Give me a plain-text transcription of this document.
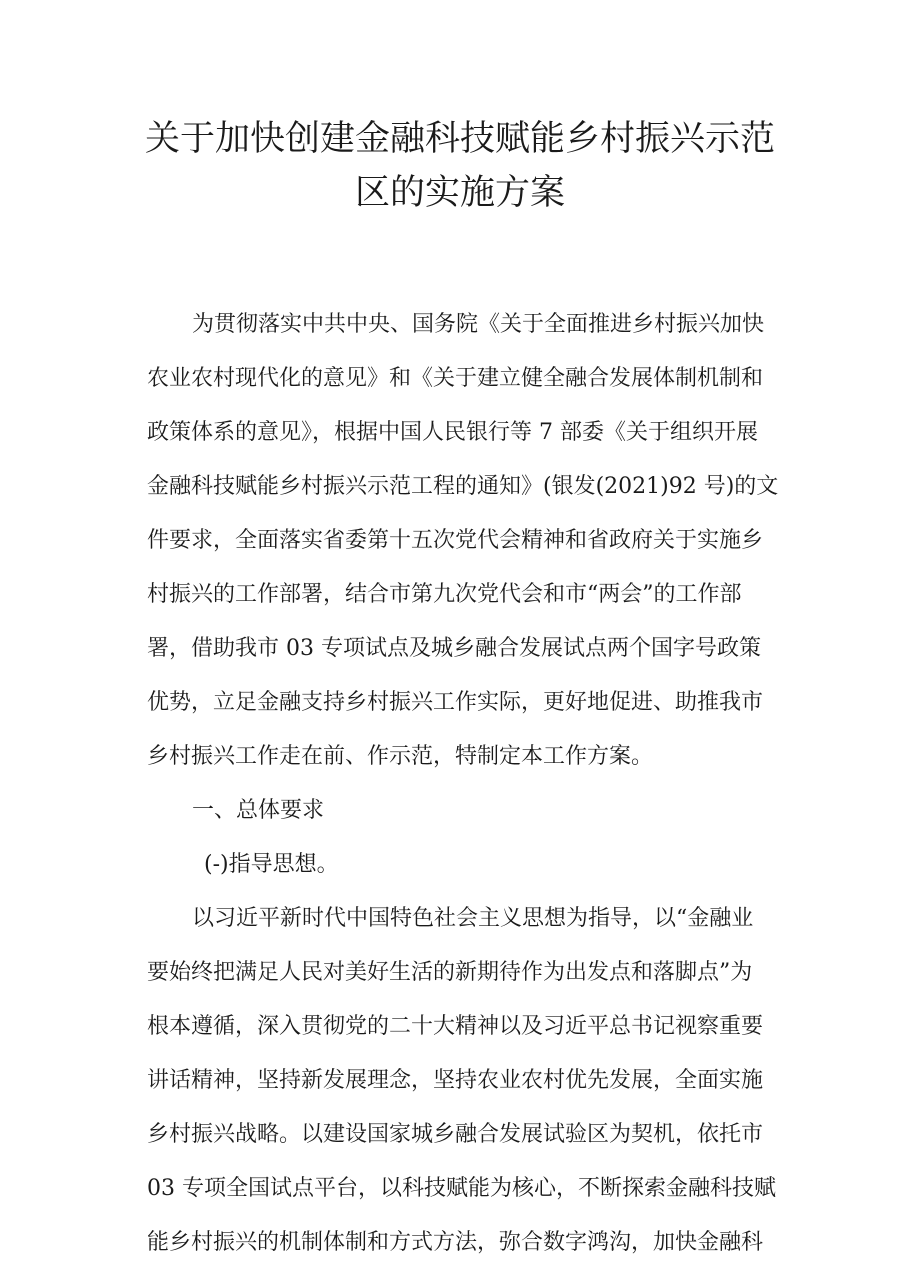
关于加快创建金融科技赋能乡村振兴示范
区的实施方案
为贯彻落实中共中央、国务院《关于全面推进乡村振兴加快
农业农村现代化的意见》和《关于建立健全融合发展体制机制和
政策体系的意见》，根据中国人民银行等 7 部委《关于组织开展
金融科技赋能乡村振兴示范工程的通知》(银发(2021)92 号)的文
件要求，全面落实省委第十五次党代会精神和省政府关于实施乡
村振兴的工作部署，结合市第九次党代会和市“两会”的工作部
署，借助我市 03 专项试点及城乡融合发展试点两个国字号政策
优势，立足金融支持乡村振兴工作实际，更好地促进、助推我市
乡村振兴工作走在前、作示范，特制定本工作方案。
一、总体要求
(-)指导思想。
以习近平新时代中国特色社会主义思想为指导，以“金融业
要始终把满足人民对美好生活的新期待作为出发点和落脚点”为
根本遵循，深入贯彻党的二十大精神以及习近平总书记视察重要
讲话精神，坚持新发展理念，坚持农业农村优先发展，全面实施
乡村振兴战略。以建设国家城乡融合发展试验区为契机，依托市
03 专项全国试点平台，以科技赋能为核心，不断探索金融科技赋
能乡村振兴的机制体制和方式方法，弥合数字鸿沟，加快金融科
